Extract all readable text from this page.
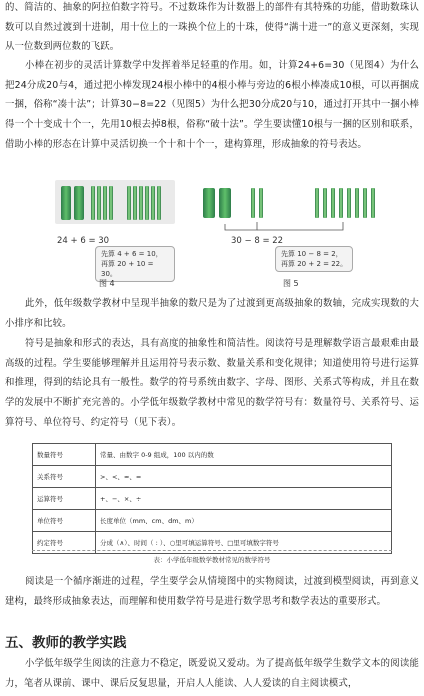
的、简洁的、抽象的阿拉伯数字符号。不过数珠作为计数器上的部件有其特殊的功能，借助数珠认数可以自然过渡到十进制，用十位上的一珠换个位上的十珠，使得“满十进一”的意义更深刻，实现从一位数到两位数的飞跃。

小棒在初步的灵活计算数学中发挥着举足轻重的作用。如，计算24+6=30（见图4）为什么把24分成20与4，通过把小棒发现24根小棒中的4根小棒与旁边的6根小棒凑成10根，可以再捆成一捆，俗称“凑十法”；计算30−8=22（见图5）为什么把30分成20与10，通过打开其中一捆小棒得一个十变成十个一，先用10根去掉8根，俗称“破十法”。学生要读懂10根与一捆的区别和联系，借助小棒的形态在计算中灵活切换一个十和十个一，建构算理，形成抽象的符号表达。

24 + 6 = 30
先算 4 + 6 = 10，
再算 20 + 10 = 30。
图 4
30 − 8 = 22
先算 10 − 8 = 2，
再算 20 + 2 = 22。
图 5

此外，低年级数学教材中呈现半抽象的数尺是为了过渡到更高级抽象的数轴，完成实现数的大小排序和比较。

符号是抽象和形式的表达，具有高度的抽象性和简洁性。阅读符号是理解数学语言最艰难由最高级的过程。学生要能够理解并且运用符号表示数、数量关系和变化规律；知道使用符号进行运算和推理，得到的结论具有一般性。数学的符号系统由数字、字母、图形、关系式等构成，并且在数学的发展中不断扩充完善的。小学低年级数学教材中常见的数学符号有：数量符号、关系符号、运算符号、单位符号、约定符号（见下表）。

数量符号	常量、由数字 0-9 组成，100 以内的数
关系符号	>、<、≈、=
运算符号	+、−、×、÷
单位符号	长度单位（mm、cm、dm、m）
约定符号	分成（∧）、时间（ : ）、○里可填运算符号、□里可填数字符号
表：小学低年级数学教材常见的数学符号

阅读是一个循序渐进的过程，学生要学会从情境图中的实物阅读，过渡到模型阅读，再到意义建构，最终形成抽象表达，而理解和使用数学符号是进行数学思考和数学表达的重要形式。

五、教师的教学实践

小学低年级学生阅读的注意力不稳定，既爱说又爱动。为了提高低年级学生数学文本的阅读能力，笔者从课前、课中、课后反复思量，开启人人能读、人人爱读的自主阅读模式，
